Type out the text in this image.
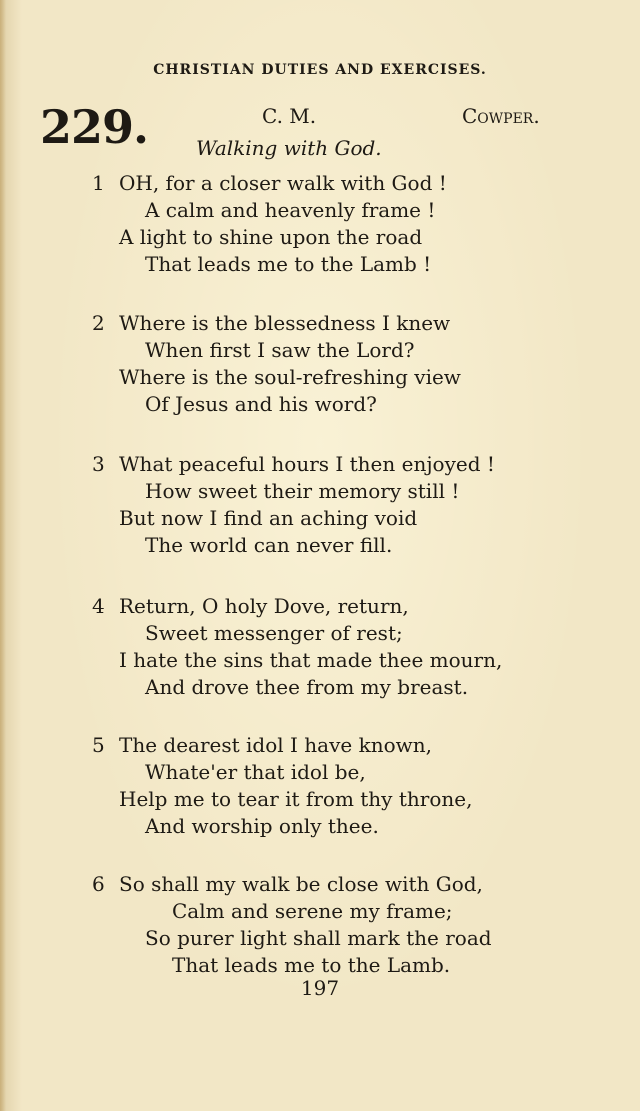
CHRISTIAN DUTIES AND EXERCISES.
229.	C. M.	Cowper.
Walking with God.
1 OH, for a closer walk with God !
A calm and heavenly frame !
A light to shine upon the road
That leads me to the Lamb !
2 Where is the blessedness I knew
When first I saw the Lord?
Where is the soul-refreshing view
Of Jesus and his word?
3 What peaceful hours I then enjoyed !
How sweet their memory still !
But now I find an aching void
The world can never fill.
4 Return, O holy Dove, return,
Sweet messenger of rest;
I hate the sins that made thee mourn,
And drove thee from my breast.
5 The dearest idol I have known,
Whate'er that idol be,
Help me to tear it from thy throne,
And worship only thee.
6 So shall my walk be close with God,
Calm and serene my frame;
So purer light shall mark the road
That leads me to the Lamb.
197
